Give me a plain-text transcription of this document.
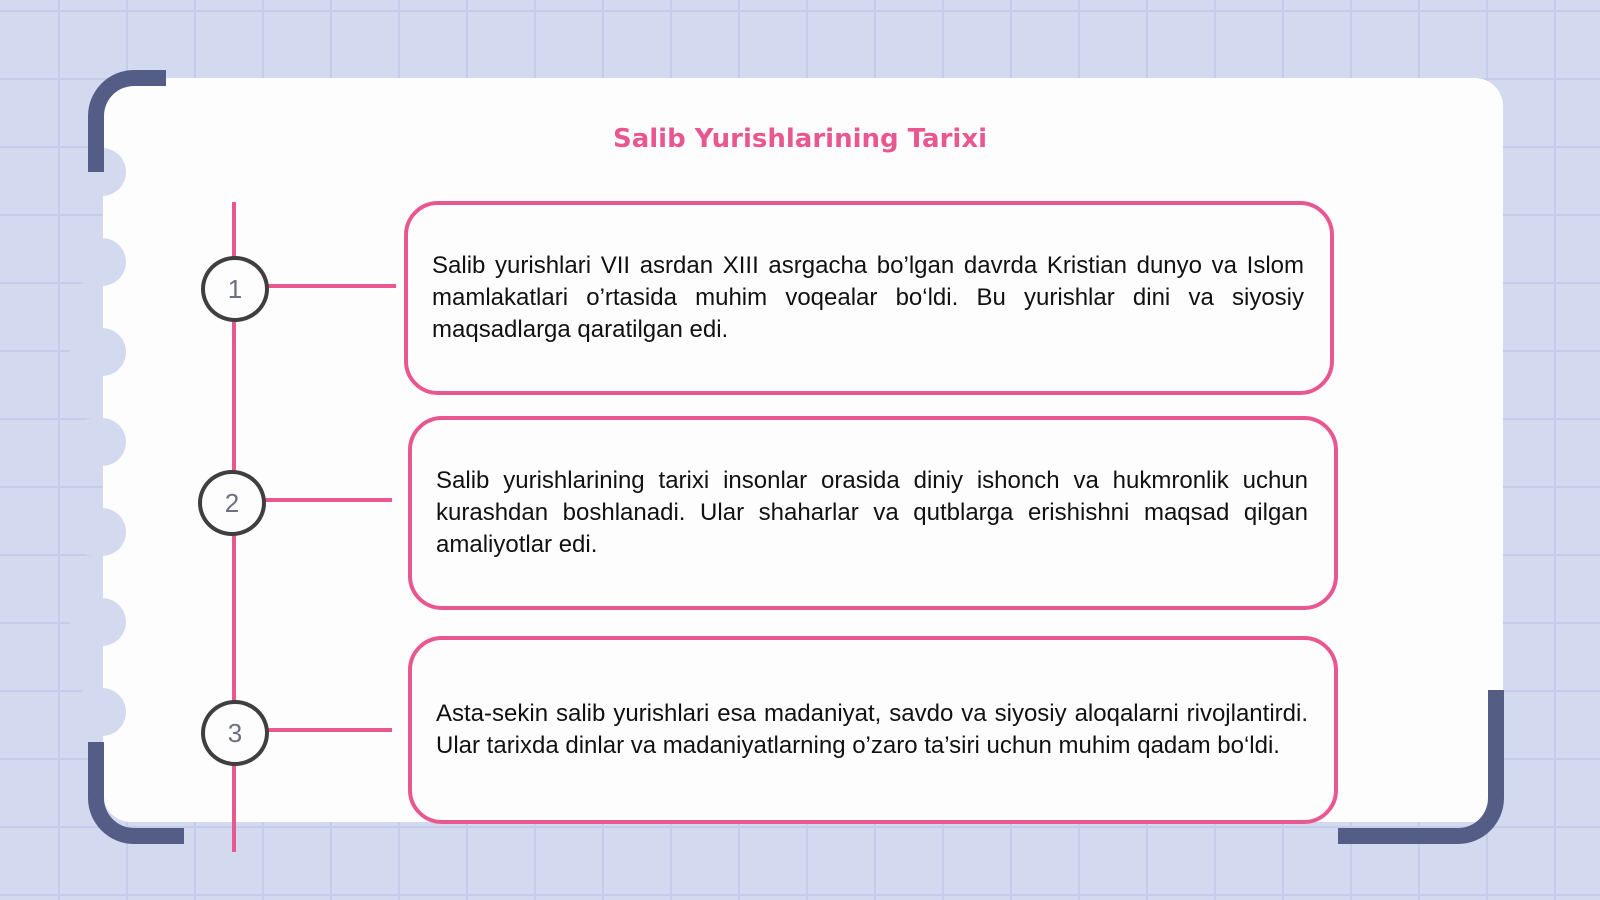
Salib Yurishlarining Tarixi
1
2
3

Salib yurishlari VII asrdan XIII asrgacha bo’lgan davrda Kristian dunyo va Islom mamlakatlari o’rtasida muhim voqealar bo‘ldi. Bu yurishlar dini va siyosiy maqsadlarga qaratilgan edi.

Salib yurishlarining tarixi insonlar orasida diniy ishonch va hukmronlik uchun kurashdan boshlanadi. Ular shaharlar va qutblarga erishishni maqsad qilgan amaliyotlar edi.

Asta-sekin salib yurishlari esa madaniyat, savdo va siyosiy aloqalarni rivojlantirdi. Ular tarixda dinlar va madaniyatlarning o’zaro ta’siri uchun muhim qadam bo‘ldi.
